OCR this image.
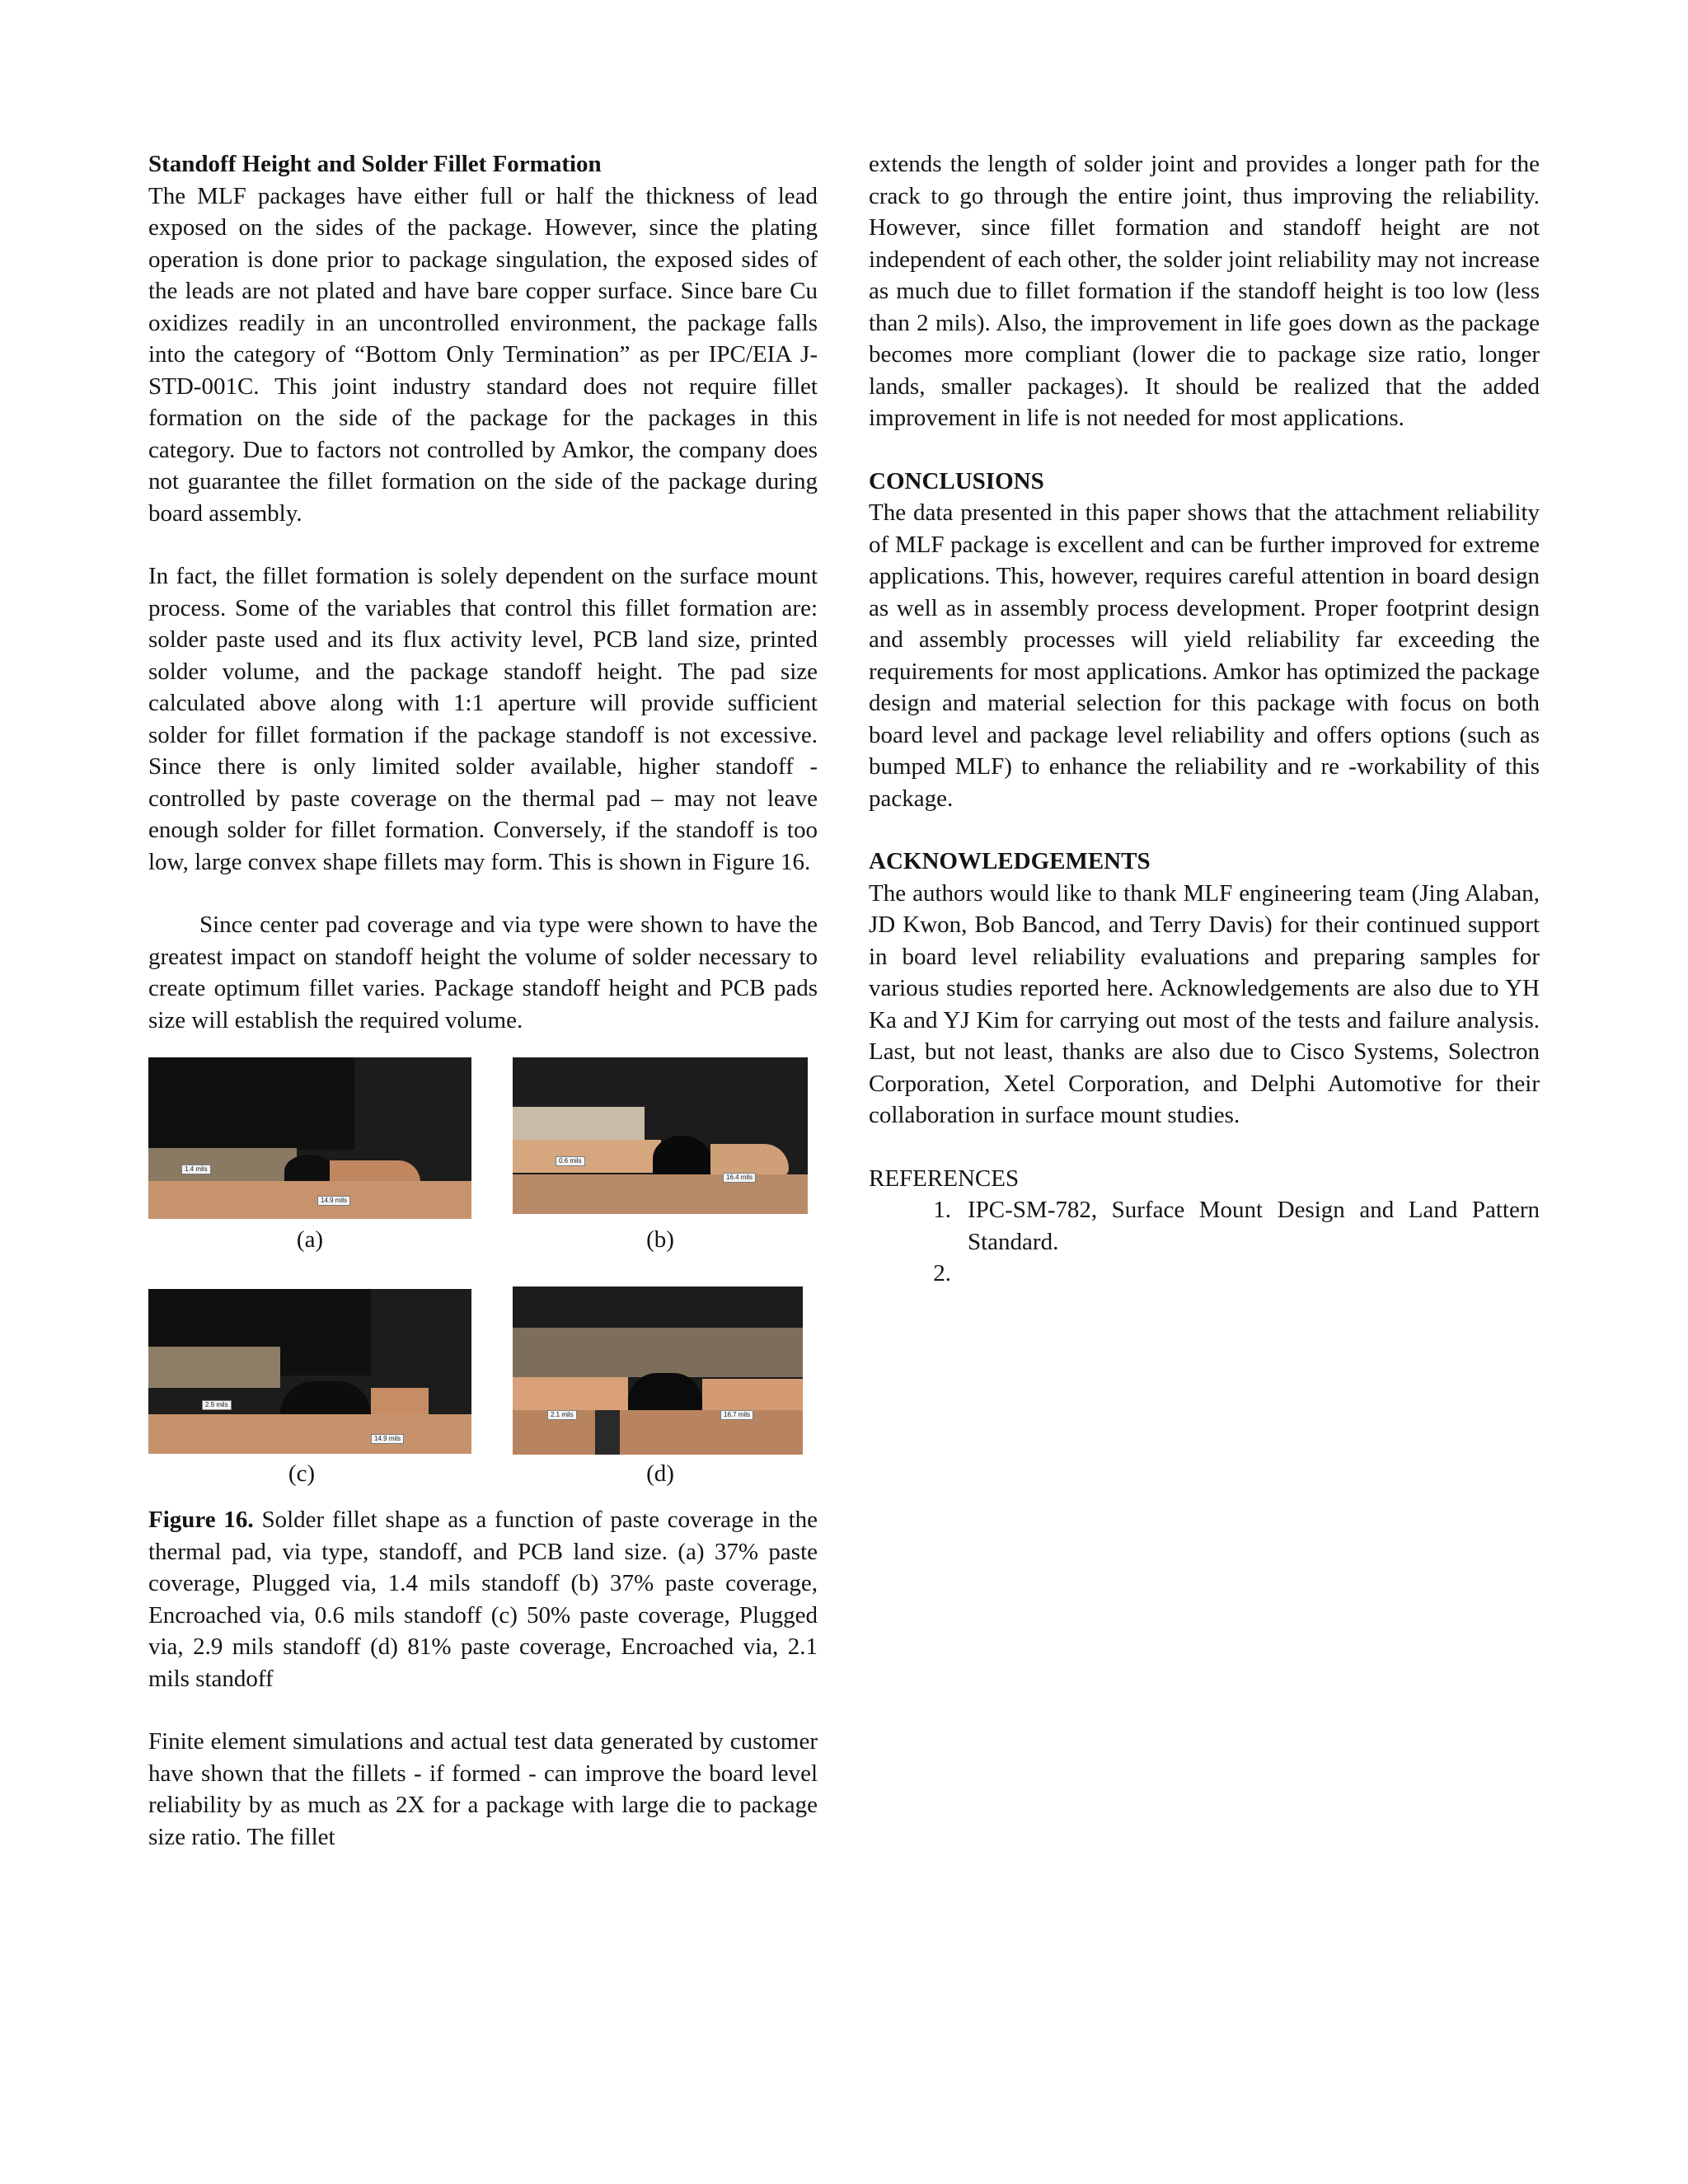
Standoff Height and Solder Fillet Formation
The MLF packages have either full or half the thickness of lead exposed on the sides of the package. However, since the plating operation is done prior to package singulation, the exposed sides of the leads are not plated and have bare copper surface. Since bare Cu oxidizes readily in an uncontrolled environment, the package falls into the category of “Bottom Only Termination” as per IPC/EIA J-STD-001C. This joint industry standard does not require fillet formation on the side of the package for the packages in this category. Due to factors not controlled by Amkor, the company does not guarantee the fillet formation on the side of the package during board assembly.
In fact, the fillet formation is solely dependent on the surface mount process. Some of the variables that control this fillet formation are: solder paste used and its flux activity level, PCB land size, printed solder volume, and the package standoff height. The pad size calculated above along with 1:1 aperture will provide sufficient solder for fillet formation if the package standoff is not excessive. Since there is only limited solder available, higher standoff - controlled by paste coverage on the thermal pad – may not leave enough solder for fillet formation. Conversely, if the standoff is too low, large convex shape fillets may form. This is shown in Figure 16.
Since center pad coverage and via type were shown to have the greatest impact on standoff height the volume of solder necessary to create optimum fillet varies. Package standoff height and PCB pads size will establish the required volume.
1.4 mils
14.9 mils
(a)
0.6 mils
16.4 mils
(b)
2.9 mils
14.9 mils
(c)
2.1 mils	16.7 mils
(d)
Figure 16. Solder fillet shape as a function of paste coverage in the thermal pad, via type, standoff, and PCB land size. (a) 37% paste coverage, Plugged via, 1.4 mils standoff (b) 37% paste coverage, Encroached via, 0.6 mils standoff (c) 50% paste coverage, Plugged via, 2.9 mils standoff (d) 81% paste coverage, Encroached via, 2.1 mils standoff
Finite element simulations and actual test data generated by customer have shown that the fillets - if formed - can improve the board level reliability by as much as 2X for a package with large die to package size ratio. The fillet
extends the length of solder joint and provides a longer path for the crack to go through the entire joint, thus improving the reliability. However, since fillet formation and standoff height are not independent of each other, the solder joint reliability may not increase as much due to fillet formation if the standoff height is too low (less than 2 mils). Also, the improvement in life goes down as the package becomes more compliant (lower die to package size ratio, longer lands, smaller packages). It should be realized that the added improvement in life is not needed for most applications.
CONCLUSIONS
The data presented in this paper shows that the attachment reliability of MLF package is excellent and can be further improved for extreme applications. This, however, requires careful attention in board design as well as in assembly process development. Proper footprint design and assembly processes will yield reliability far exceeding the requirements for most applications. Amkor has optimized the package design and material selection for this package with focus on both board level and package level reliability and offers options (such as bumped MLF) to enhance the reliability and re -workability of this package.
ACKNOWLEDGEMENTS
The authors would like to thank MLF engineering team (Jing Alaban, JD Kwon, Bob Bancod, and Terry Davis) for their continued support in board level reliability evaluations and preparing samples for various studies reported here. Acknowledgements are also due to YH Ka and YJ Kim for carrying out most of the tests and failure analysis. Last, but not least, thanks are also due to Cisco Systems, Solectron Corporation, Xetel Corporation, and Delphi Automotive for their collaboration in surface mount studies.
REFERENCES
1. IPC-SM-782, Surface Mount Design and Land Pattern Standard.
2.
